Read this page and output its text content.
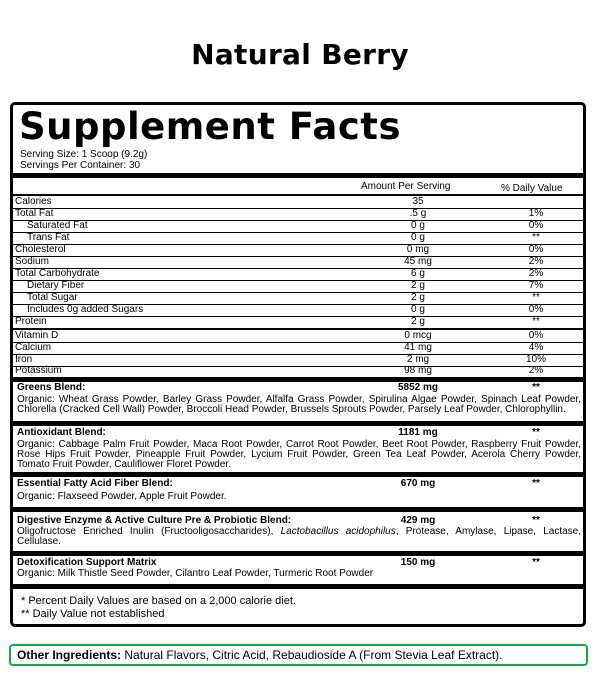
Natural Berry
Supplement Facts
Serving Size: 1 Scoop (9.2g)
Servings Per Container: 30
Amount Per Serving	% Daily Value
Calories	35
Total Fat	.5 g	1%
Saturated Fat	0 g	0%
Trans Fat	0 g	**
Cholesterol	0 mg	0%
Sodium	45 mg	2%
Total Carbohydrate	6 g	2%
Dietary Fiber	2 g	7%
Total Sugar	2 g	**
Includes 0g added Sugars	0 g	0%
Protein	2 g	**
Vitamin D	0 mcg	0%
Calcium	41 mg	4%
Iron	2 mg	10%
Potassium	98 mg	2%
Greens Blend:	5852 mg	**
Organic: Wheat Grass Powder, Barley Grass Powder, Alfalfa Grass Powder, Spirulina Algae Powder, Spinach Leaf Powder, Chlorella (Cracked Cell Wall) Powder, Broccoli Head Powder, Brussels Sprouts Powder, Parsely Leaf Powder, Chlorophyllin.
Antioxidant Blend:	1181 mg	**
Organic: Cabbage Palm Fruit Powder, Maca Root Powder, Carrot Root Powder, Beet Root Powder, Raspberry Fruit Powder, Rose Hips Fruit Powder, Pineapple Fruit Powder, Lycium Fruit Powder, Green Tea Leaf Powder, Acerola Cherry Powder, Tomato Fruit Powder, Cauliflower Floret Powder.
Essential Fatty Acid Fiber Blend:	670 mg	**
Organic: Flaxseed Powder, Apple Fruit Powder.
Digestive Enzyme & Active Culture Pre & Probiotic Blend:	429 mg	**
Oligofructose Enriched Inulin (Fructooligosaccharides), Lactobacillus acidophilus, Protease, Amylase, Lipase, Lactase, Cellulase.
Detoxification Support Matrix	150 mg	**
Organic: Milk Thistle Seed Powder, Cilantro Leaf Powder, Turmeric Root Powder
* Percent Daily Values are based on a 2,000 calorie diet.
** Daily Value not established
Other Ingredients: Natural Flavors, Citric Acid, Rebaudioside A (From Stevia Leaf Extract).
